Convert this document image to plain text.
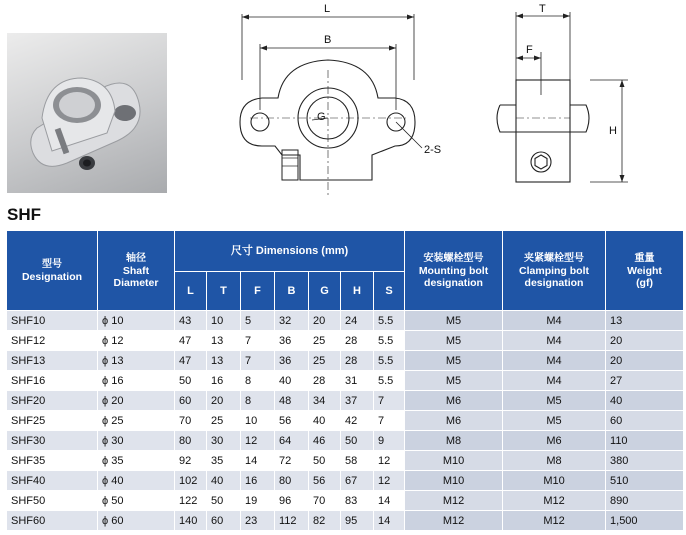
L
B
G
2-S
T
F
H
SHF
型号
Designation	轴径
Shaft
Diameter	尺寸 Dimensions (mm)							安装螺栓型号
Mounting bolt
designation	夹紧螺栓型号
Clamping bolt
designation	重量
Weight
(gf)

		L	T	F	B	G	H	S			
SHF10	ϕ 10	43	10	5	32	20	24	5.5	M5	M4	13
SHF12	ϕ 12	47	13	7	36	25	28	5.5	M5	M4	20
SHF13	ϕ 13	47	13	7	36	25	28	5.5	M5	M4	20
SHF16	ϕ 16	50	16	8	40	28	31	5.5	M5	M4	27
SHF20	ϕ 20	60	20	8	48	34	37	7	M6	M5	40
SHF25	ϕ 25	70	25	10	56	40	42	7	M6	M5	60
SHF30	ϕ 30	80	30	12	64	46	50	9	M8	M6	110
SHF35	ϕ 35	92	35	14	72	50	58	12	M10	M8	380
SHF40	ϕ 40	102	40	16	80	56	67	12	M10	M10	510
SHF50	ϕ 50	122	50	19	96	70	83	14	M12	M12	890
SHF60	ϕ 60	140	60	23	112	82	95	14	M12	M12	1,500
